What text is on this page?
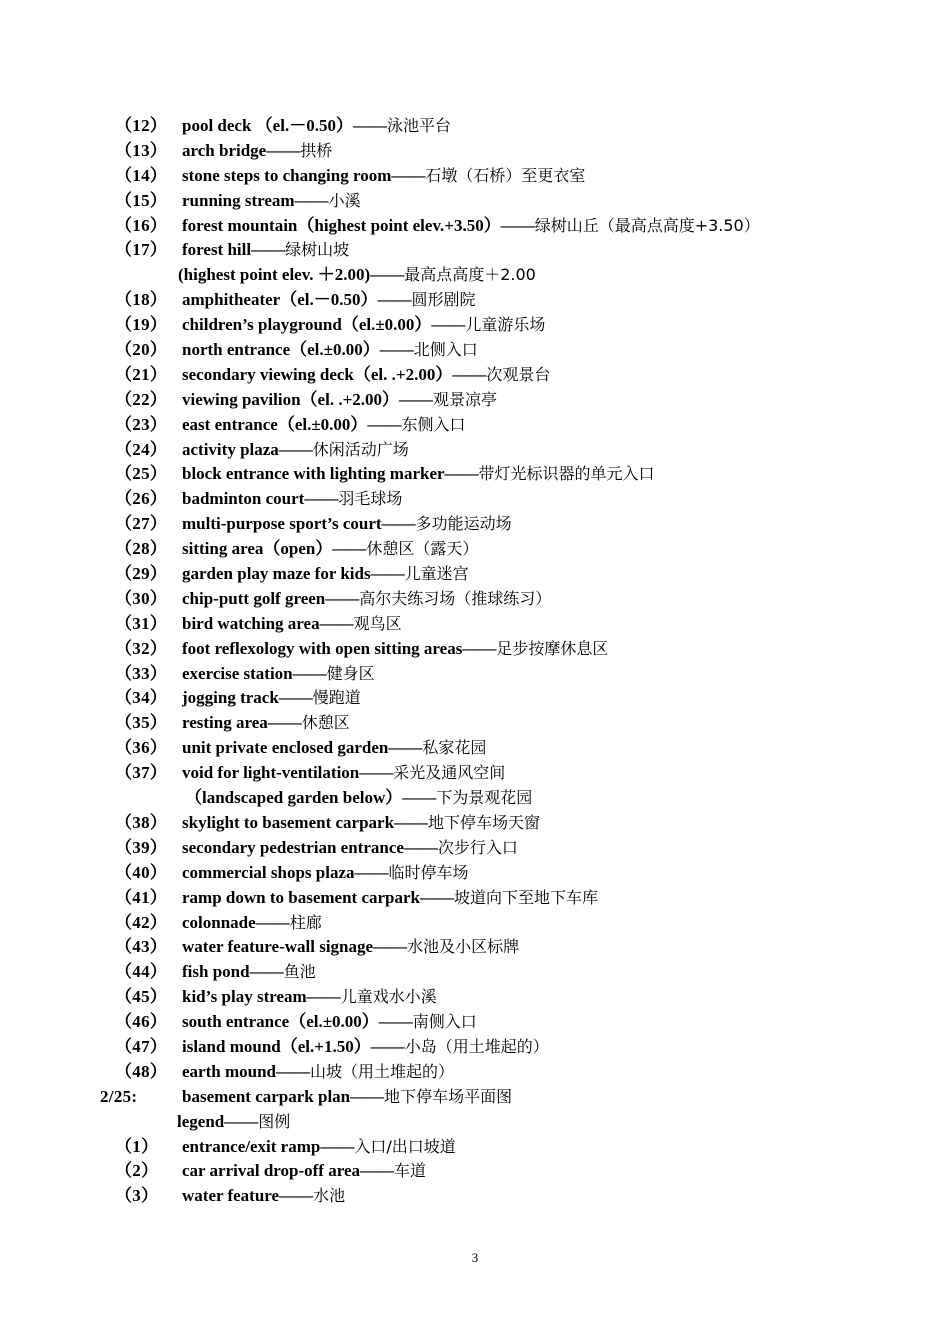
（12） pool deck （el.－0.50）——泳池平台
（13） arch bridge——拱桥
（14） stone steps to changing room——石墩（石桥）至更衣室
（15） running stream——小溪
（16） forest mountain（highest point elev.+3.50）——绿树山丘（最高点高度+3.50）
（17） forest hill——绿树山坡
(highest point elev. ＋2.00)——最高点高度＋2.00
（18） amphitheater（el.－0.50）——圆形剧院
（19） children’s playground（el.±0.00）——儿童游乐场
（20） north entrance（el.±0.00）——北侧入口
（21） secondary viewing deck（el. .+2.00）——次观景台
（22） viewing pavilion（el. .+2.00）——观景凉亭
（23） east entrance（el.±0.00）——东侧入口
（24） activity plaza——休闲活动广场
（25） block entrance with lighting marker——带灯光标识器的单元入口
（26） badminton court——羽毛球场
（27） multi-purpose sport’s court——多功能运动场
（28） sitting area（open）——休憩区（露天）
（29） garden play maze for kids——儿童迷宫
（30） chip-putt golf green——高尔夫练习场（推球练习）
（31） bird watching area——观鸟区
（32） foot reflexology with open sitting areas——足步按摩休息区
（33） exercise station——健身区
（34） jogging track——慢跑道
（35） resting area——休憩区
（36） unit private enclosed garden——私家花园
（37） void for light-ventilation——采光及通风空间
（landscaped garden below）——下为景观花园
（38） skylight to basement carpark——地下停车场天窗
（39） secondary pedestrian entrance——次步行入口
（40） commercial shops plaza——临时停车场
（41） ramp down to basement carpark——坡道向下至地下车库
（42） colonnade——柱廊
（43） water feature-wall signage——水池及小区标牌
（44） fish pond——鱼池
（45） kid’s play stream——儿童戏水小溪
（46） south entrance（el.±0.00）——南侧入口
（47） island mound（el.+1.50）——小岛（用土堆起的）
（48） earth mound——山坡（用土堆起的）
2/25:	basement carpark plan——地下停车场平面图
legend——图例
（1） entrance/exit ramp——入口/出口坡道
（2） car arrival drop-off area——车道
（3） water feature——水池
3
